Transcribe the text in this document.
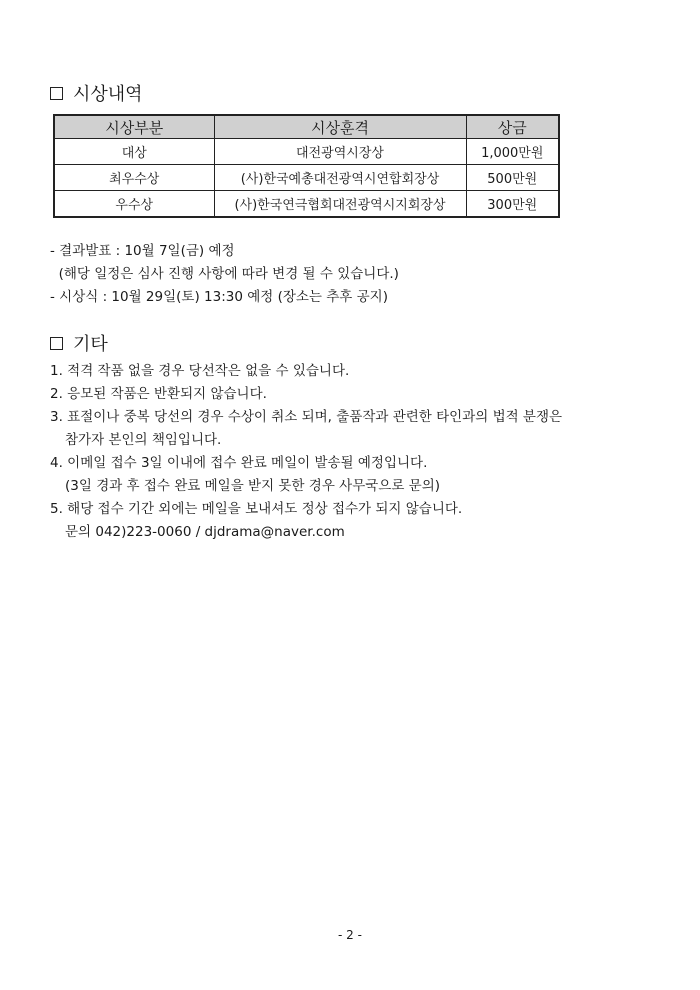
시상내역
시상부분	시상훈격	상금
대상	대전광역시장상	1,000만원
최우수상	(사)한국예총대전광역시연합회장상	500만원
우수상	(사)한국연극협회대전광역시지회장상	300만원
- 결과발표 : 10월 7일(금) 예정
(해당 일정은 심사 진행 사항에 따라 변경 될 수 있습니다.)
- 시상식 : 10월 29일(토) 13:30 예정 (장소는 추후 공지)
기타
1. 적격 작품 없을 경우 당선작은 없을 수 있습니다.
2. 응모된 작품은 반환되지 않습니다.
3. 표절이나 중복 당선의 경우 수상이 취소 되며, 출품작과 관련한 타인과의 법적 분쟁은
참가자 본인의 책임입니다.
4. 이메일 접수 3일 이내에 접수 완료 메일이 발송될 예정입니다.
(3일 경과 후 접수 완료 메일을 받지 못한 경우 사무국으로 문의)
5. 해당 접수 기간 외에는 메일을 보내셔도 정상 접수가 되지 않습니다.
문의 042)223-0060 / djdrama@naver.com
- 2 -
